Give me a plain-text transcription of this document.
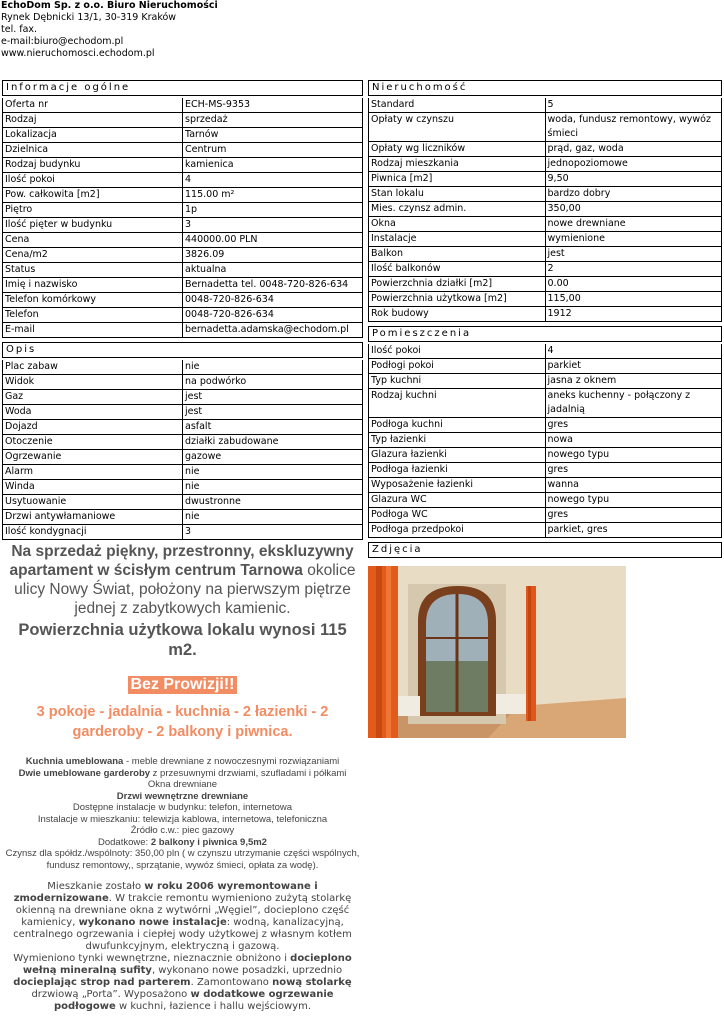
EchoDom Sp. z o.o. Biuro Nieruchomości
Rynek Dębnicki 13/1, 30-319 Kraków
tel. fax.
e-mail:biuro@echodom.pl
www.nieruchomosci.echodom.pl
Informacje ogólne
Oferta nr	ECH-MS-9353
Rodzaj	sprzedaż
Lokalizacja	Tarnów
Dzielnica	Centrum
Rodzaj budynku	kamienica
Ilość pokoi	4
Pow. całkowita [m2]	115.00 m²
Piętro	1p
Ilość pięter w budynku	3
Cena	440000.00 PLN
Cena/m2	3826.09
Status	aktualna
Imię i nazwisko	Bernadetta tel. 0048-720-826-634
Telefon komórkowy	0048-720-826-634
Telefon	0048-720-826-634
E-mail	bernadetta.adamska@echodom.pl
Opis
Plac zabaw	nie
Widok	na podwórko
Gaz	jest
Woda	jest
Dojazd	asfalt
Otoczenie	działki zabudowane
Ogrzewanie	gazowe
Alarm	nie
Winda	nie
Usytuowanie	dwustronne
Drzwi antywłamaniowe	nie
Ilość kondygnacji	3

Na sprzedaż piękny, przestronny, ekskluzywny apartament w ścisłym centrum Tarnowa okolice ulicy Nowy Świat, położony na pierwszym piętrze jednej z zabytkowych kamienic.

Powierzchnia użytkowa lokalu wynosi 115 m2.

Bez Prowizji!!
3 pokoje - jadalnia - kuchnia - 2 łazienki - 2 garderoby - 2 balkony i piwnica.

Kuchnia umeblowana - meble drewniane z nowoczesnymi rozwiązaniami

Dwie umeblowane garderoby z przesuwnymi drzwiami, szufladami i półkami

Okna drewniane

Drzwi wewnętrzne drewniane

Dostępne instalacje w budynku: telefon, internetowa

Instalacje w mieszkaniu: telewizja kablowa, internetowa, telefoniczna

Źródło c.w.: piec gazowy

Dodatkowe: 2 balkony i piwnica 9,5m2

Czynsz dla spółdz./wspólnoty: 350,00 pln ( w czynszu utrzymanie części wspólnych, fundusz remontowy,, sprzątanie, wywóz śmieci, opłata za wodę).

Mieszkanie zostało w roku 2006 wyremontowane i zmodernizowane. W trakcie remontu wymieniono zużytą stolarkę okienną na drewniane okna z wytwórni „Węgiel”, docieplono część kamienicy, wykonano nowe instalacje: wodną, kanalizacyjną, centralnego ogrzewania i ciepłej wody użytkowej z własnym kotłem dwufunkcyjnym, elektryczną i gazową.

Wymieniono tynki wewnętrzne, nieznacznie obniżono i docieplono wełną mineralną sufity, wykonano nowe posadzki, uprzednio docieplając strop nad parterem. Zamontowano nową stolarkę drzwiową „Porta”. Wyposażono w dodatkowe ogrzewanie podłogowe w kuchni, łazience i hallu wejściowym.

Nieruchomość
Standard	5
Opłaty w czynszu	woda, fundusz remontowy, wywóz śmieci
Opłaty wg liczników	prąd, gaz, woda
Rodzaj mieszkania	jednopoziomowe
Piwnica [m2]	9,50
Stan lokalu	bardzo dobry
Mies. czynsz admin.	350,00
Okna	nowe drewniane
Instalacje	wymienione
Balkon	jest
Ilość balkonów	2
Powierzchnia działki [m2]	0.00
Powierzchnia użytkowa [m2]	115,00
Rok budowy	1912
Pomieszczenia
Ilość pokoi	4
Podłogi pokoi	parkiet
Typ kuchni	jasna z oknem
Rodzaj kuchni	aneks kuchenny - połączony z jadalnią
Podłoga kuchni	gres
Typ łazienki	nowa
Glazura łazienki	nowego typu
Podłoga łazienki	gres
Wyposażenie łazienki	wanna
Glazura WC	nowego typu
Podłoga WC	gres
Podłoga przedpokoi	parkiet, gres
Zdjęcia
